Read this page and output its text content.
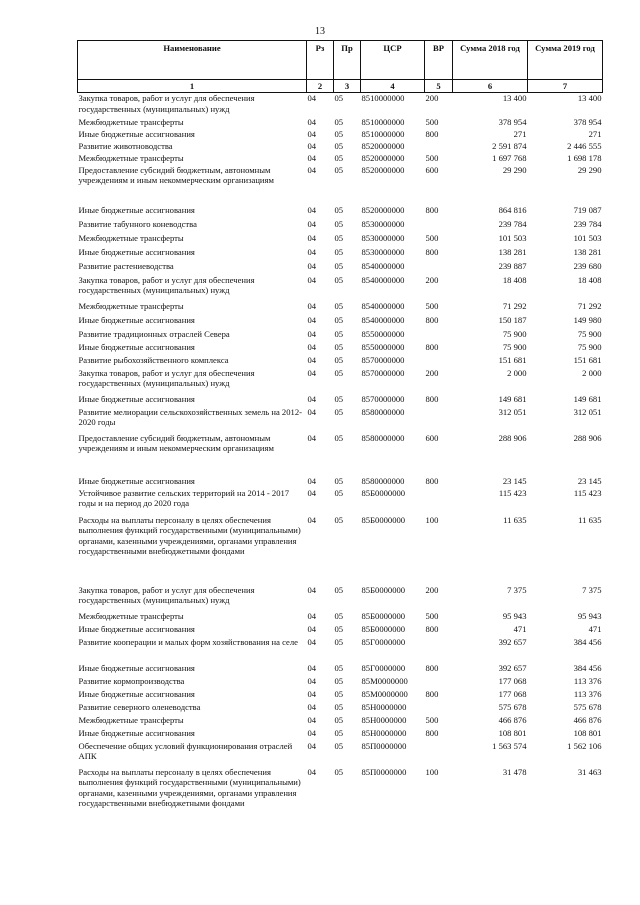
13
Наименование	Рз	Пр	ЦСР	ВР	Сумма 2018 год	Сумма 2019 год
1	2	3	4	5	6	7
Закупка товаров, работ и услуг для обеспечения государственных (муниципальных) нужд	04	05	8510000000	200	13 400	13 400
Межбюджетные трансферты	04	05	8510000000	500	378 954	378 954
Иные бюджетные ассигнования	04	05	8510000000	800	271	271
Развитие животноводства	04	05	8520000000		2 591 874	2 446 555
Межбюджетные трансферты	04	05	8520000000	500	1 697 768	1 698 178
Предоставление субсидий бюджетным, автономным учреждениям и иным некоммерческим организациям	04	05	8520000000	600	29 290	29 290
Иные бюджетные ассигнования	04	05	8520000000	800	864 816	719 087
Развитие табунного коневодства	04	05	8530000000		239 784	239 784
Межбюджетные трансферты	04	05	8530000000	500	101 503	101 503
Иные бюджетные ассигнования	04	05	8530000000	800	138 281	138 281
Развитие растениеводства	04	05	8540000000		239 887	239 680
Закупка товаров, работ и услуг для обеспечения государственных (муниципальных) нужд	04	05	8540000000	200	18 408	18 408
Межбюджетные трансферты	04	05	8540000000	500	71 292	71 292
Иные бюджетные ассигнования	04	05	8540000000	800	150 187	149 980
Развитие традиционных отраслей Севера	04	05	8550000000		75 900	75 900
Иные бюджетные ассигнования	04	05	8550000000	800	75 900	75 900
Развитие рыбохозяйственного комплекса	04	05	8570000000		151 681	151 681
Закупка товаров, работ и услуг для обеспечения государственных (муниципальных) нужд	04	05	8570000000	200	2 000	2 000
Иные бюджетные ассигнования	04	05	8570000000	800	149 681	149 681
Развитие мелиорации сельскохозяйственных земель на 2012-2020 годы	04	05	8580000000		312 051	312 051
Предоставление субсидий бюджетным, автономным учреждениям и иным некоммерческим организациям	04	05	8580000000	600	288 906	288 906
Иные бюджетные ассигнования	04	05	8580000000	800	23 145	23 145
Устойчивое развитие сельских территорий на 2014 - 2017 годы и на период до 2020 года	04	05	85Б0000000		115 423	115 423
Расходы на выплаты персоналу в целях обеспечения выполнения функций государственными (муниципальными) органами, казенными учреждениями, органами управления государственными внебюджетными фондами	04	05	85Б0000000	100	11 635	11 635
Закупка товаров, работ и услуг для обеспечения государственных (муниципальных) нужд	04	05	85Б0000000	200	7 375	7 375
Межбюджетные трансферты	04	05	85Б0000000	500	95 943	95 943
Иные бюджетные ассигнования	04	05	85Б0000000	800	471	471
Развитие кооперации и малых форм хозяйствования на селе	04	05	85Г0000000		392 657	384 456
Иные бюджетные ассигнования	04	05	85Г0000000	800	392 657	384 456
Развитие кормопроизводства	04	05	85М0000000		177 068	113 376
Иные бюджетные ассигнования	04	05	85М0000000	800	177 068	113 376
Развитие северного оленеводства	04	05	85Н0000000		575 678	575 678
Межбюджетные трансферты	04	05	85Н0000000	500	466 876	466 876
Иные бюджетные ассигнования	04	05	85Н0000000	800	108 801	108 801
Обеспечение общих условий функционирования отраслей АПК	04	05	85П0000000		1 563 574	1 562 106
Расходы на выплаты персоналу в целях обеспечения выполнения функций государственными (муниципальными) органами, казенными учреждениями, органами управления государственными внебюджетными фондами	04	05	85П0000000	100	31 478	31 463
